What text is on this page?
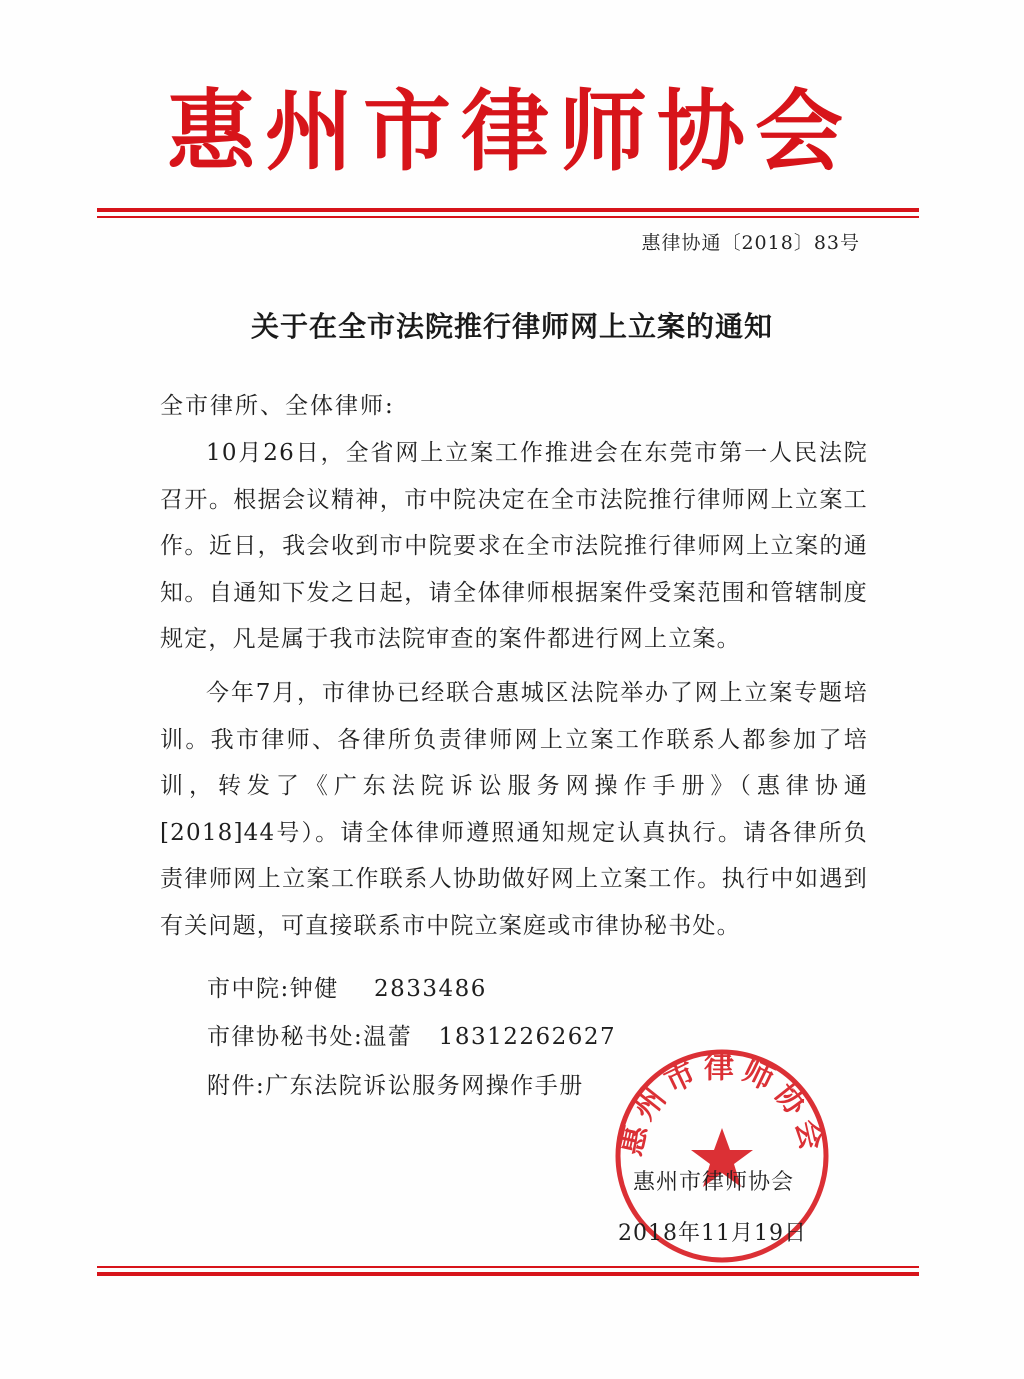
惠州市律师协会
惠律协通〔2018〕83号
关于在全市法院推行律师网上立案的通知
全市律所、全体律师:

10月26日，全省网上立案工作推进会在东莞市第一人民法院召开。根据会议精神，市中院决定在全市法院推行律师网上立案工作。近日，我会收到市中院要求在全市法院推行律师网上立案的通知。自通知下发之日起，请全体律师根据案件受案范围和管辖制度规定，凡是属于我市法院审查的案件都进行网上立案。

今年7月，市律协已经联合惠城区法院举办了网上立案专题培训。我市律师、各律所负责律师网上立案工作联系人都参加了培训，转发了《广东法院诉讼服务网操作手册》（惠律协通[2018]44号）。请全体律师遵照通知规定认真执行。请各律所负责律师网上立案工作联系人协助做好网上立案工作。执行中如遇到有关问题，可直接联系市中院立案庭或市律协秘书处。

市中院:钟健    2833486
市律协秘书处:温蕾   18312262627
附件:广东法院诉讼服务网操作手册
惠州市律师协会
惠州市律师协会
2018年11月19日
